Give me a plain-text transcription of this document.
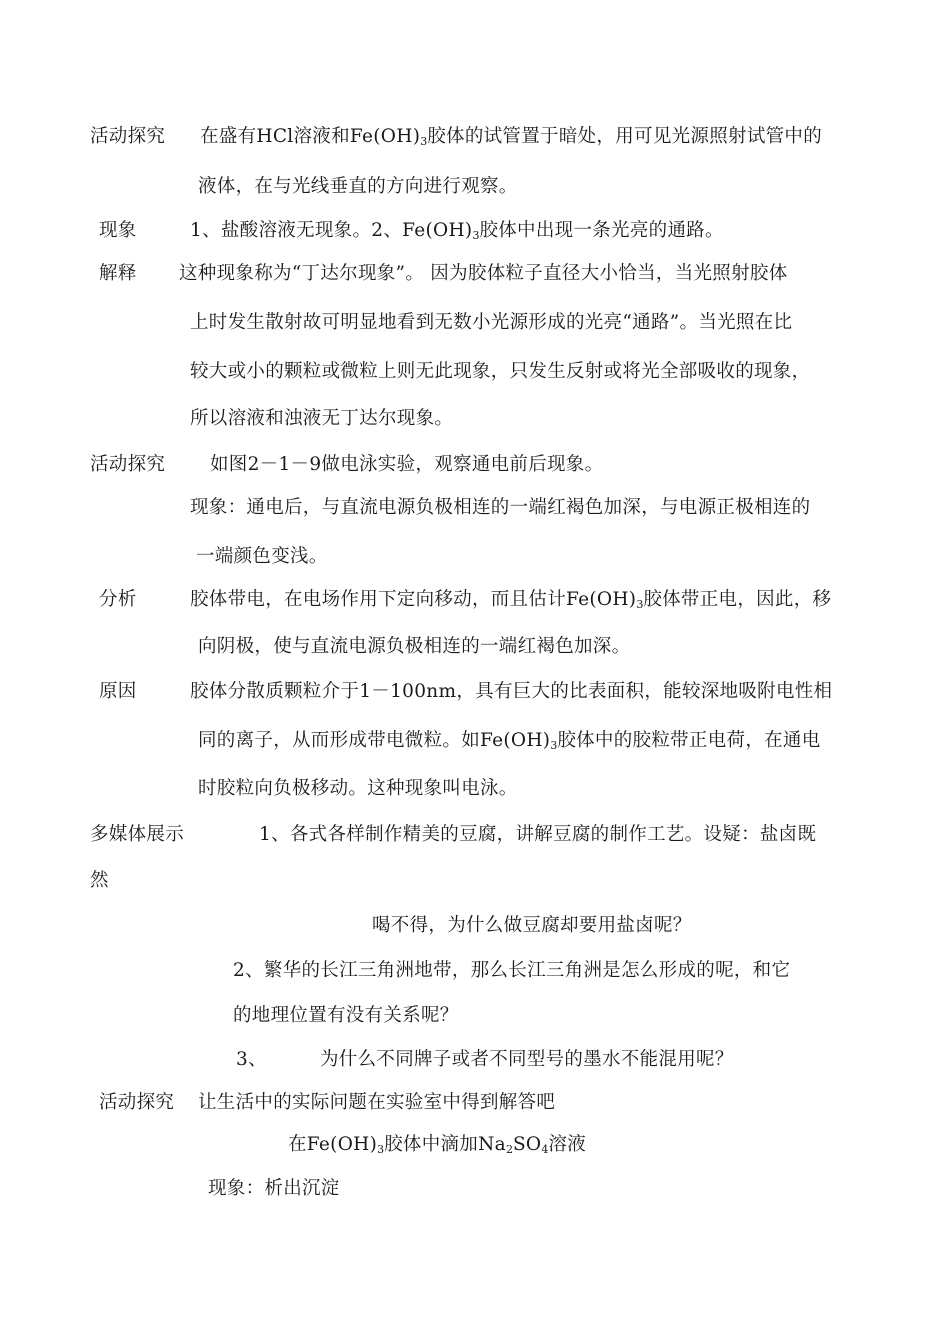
活动探究 在盛有HCl溶液和$Fe(OH)_3$胶体的试管置于暗处，用可见光源照射试管中的
液体，在与光线垂直的方向进行观察。
现象	1、盐酸溶液无现象。2、$Fe(OH)_3$胶体中出现一条光亮的通路。
解释 这种现象称为“丁达尔现象”。 因为胶体粒子直径大小恰当，当光照射胶体
上时发生散射故可明显地看到无数小光源形成的光亮“通路”。当光照在比
较大或小的颗粒或微粒上则无此现象，只发生反射或将光全部吸收的现象，
所以溶液和浊液无丁达尔现象。
活动探究 如图2－1－9做电泳实验，观察通电前后现象。
现象：通电后，与直流电源负极相连的一端红褐色加深，与电源正极相连的
一端颜色变浅。
分析	胶体带电，在电场作用下定向移动，而且估计$Fe(OH)_3$胶体带正电，因此，移
向阴极，使与直流电源负极相连的一端红褐色加深。
原因	胶体分散质颗粒介于1－100nm，具有巨大的比表面积，能较深地吸附电性相
同的离子，从而形成带电微粒。如$Fe(OH)_3$胶体中的胶粒带正电荷，在通电
时胶粒向负极移动。这种现象叫电泳。
多媒体展示	1、各式各样制作精美的豆腐，讲解豆腐的制作工艺。设疑：盐卤既
然
喝不得，为什么做豆腐却要用盐卤呢？
2、繁华的长江三角洲地带，那么长江三角洲是怎么形成的呢，和它
的地理位置有没有关系呢？
3、	为什么不同牌子或者不同型号的墨水不能混用呢？
活动探究 让生活中的实际问题在实验室中得到解答吧
在$Fe(OH)_3$胶体中滴加$Na_2SO_4$溶液
现象：析出沉淀
